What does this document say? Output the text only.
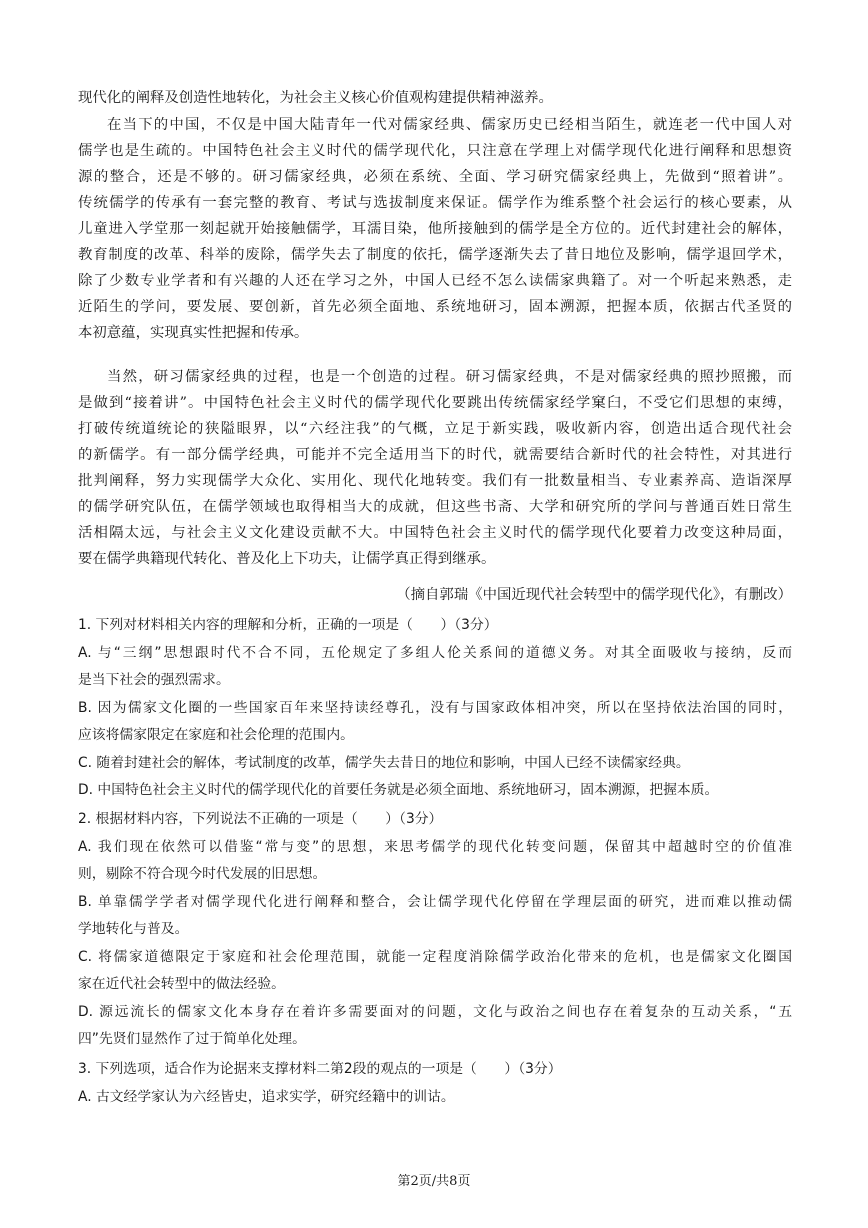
现代化的阐释及创造性地转化，为社会主义核心价值观构建提供精神滋养。
在当下的中国，不仅是中国大陆青年一代对儒家经典、儒家历史已经相当陌生，就连老一代中国人对
儒学也是生疏的。中国特色社会主义时代的儒学现代化，只注意在学理上对儒学现代化进行阐释和思想资
源的整合，还是不够的。研习儒家经典，必须在系统、全面、学习研究儒家经典上，先做到“照着讲”。
传统儒学的传承有一套完整的教育、考试与选拔制度来保证。儒学作为维系整个社会运行的核心要素，从
儿童进入学堂那一刻起就开始接触儒学，耳濡目染，他所接触到的儒学是全方位的。近代封建社会的解体，
教育制度的改革、科举的废除，儒学失去了制度的依托，儒学逐渐失去了昔日地位及影响，儒学退回学术，
除了少数专业学者和有兴趣的人还在学习之外，中国人已经不怎么读儒家典籍了。对一个听起来熟悉，走
近陌生的学问，要发展、要创新，首先必须全面地、系统地研习，固本溯源，把握本质，依据古代圣贤的
本初意蕴，实现真实性把握和传承。
当然，研习儒家经典的过程，也是一个创造的过程。研习儒家经典，不是对儒家经典的照抄照搬，而
是做到“接着讲”。中国特色社会主义时代的儒学现代化要跳出传统儒家经学窠臼，不受它们思想的束缚，
打破传统道统论的狭隘眼界，以“六经注我”的气概，立足于新实践，吸收新内容，创造出适合现代社会
的新儒学。有一部分儒学经典，可能并不完全适用当下的时代，就需要结合新时代的社会特性，对其进行
批判阐释，努力实现儒学大众化、实用化、现代化地转变。我们有一批数量相当、专业素养高、造诣深厚
的儒学研究队伍，在儒学领域也取得相当大的成就，但这些书斋、大学和研究所的学问与普通百姓日常生
活相隔太远，与社会主义文化建设贡献不大。中国特色社会主义时代的儒学现代化要着力改变这种局面，
要在儒学典籍现代转化、普及化上下功夫，让儒学真正得到继承。
（摘自郭瑞《中国近现代社会转型中的儒学现代化》，有删改）
1. 下列对材料相关内容的理解和分析，正确的一项是（　　）（3分）
A. 与“三纲”思想跟时代不合不同，五伦规定了多组人伦关系间的道德义务。对其全面吸收与接纳，反而
是当下社会的强烈需求。
B. 因为儒家文化圈的一些国家百年来坚持读经尊孔，没有与国家政体相冲突，所以在坚持依法治国的同时，
应该将儒家限定在家庭和社会伦理的范围内。
C. 随着封建社会的解体，考试制度的改革，儒学失去昔日的地位和影响，中国人已经不读儒家经典。
D. 中国特色社会主义时代的儒学现代化的首要任务就是必须全面地、系统地研习，固本溯源，把握本质。
2. 根据材料内容，下列说法不正确的一项是（　　）（3分）
A. 我们现在依然可以借鉴“常与变”的思想，来思考儒学的现代化转变问题，保留其中超越时空的价值准
则，剔除不符合现今时代发展的旧思想。
B. 单靠儒学学者对儒学现代化进行阐释和整合，会让儒学现代化停留在学理层面的研究，进而难以推动儒
学地转化与普及。
C. 将儒家道德限定于家庭和社会伦理范围，就能一定程度消除儒学政治化带来的危机，也是儒家文化圈国
家在近代社会转型中的做法经验。
D. 源远流长的儒家文化本身存在着许多需要面对的问题，文化与政治之间也存在着复杂的互动关系，“五
四”先贤们显然作了过于简单化处理。
3. 下列选项，适合作为论据来支撑材料二第2段的观点的一项是（　　）（3分）
A. 古文经学家认为六经皆史，追求实学，研究经籍中的训诂。
第2页/共8页
